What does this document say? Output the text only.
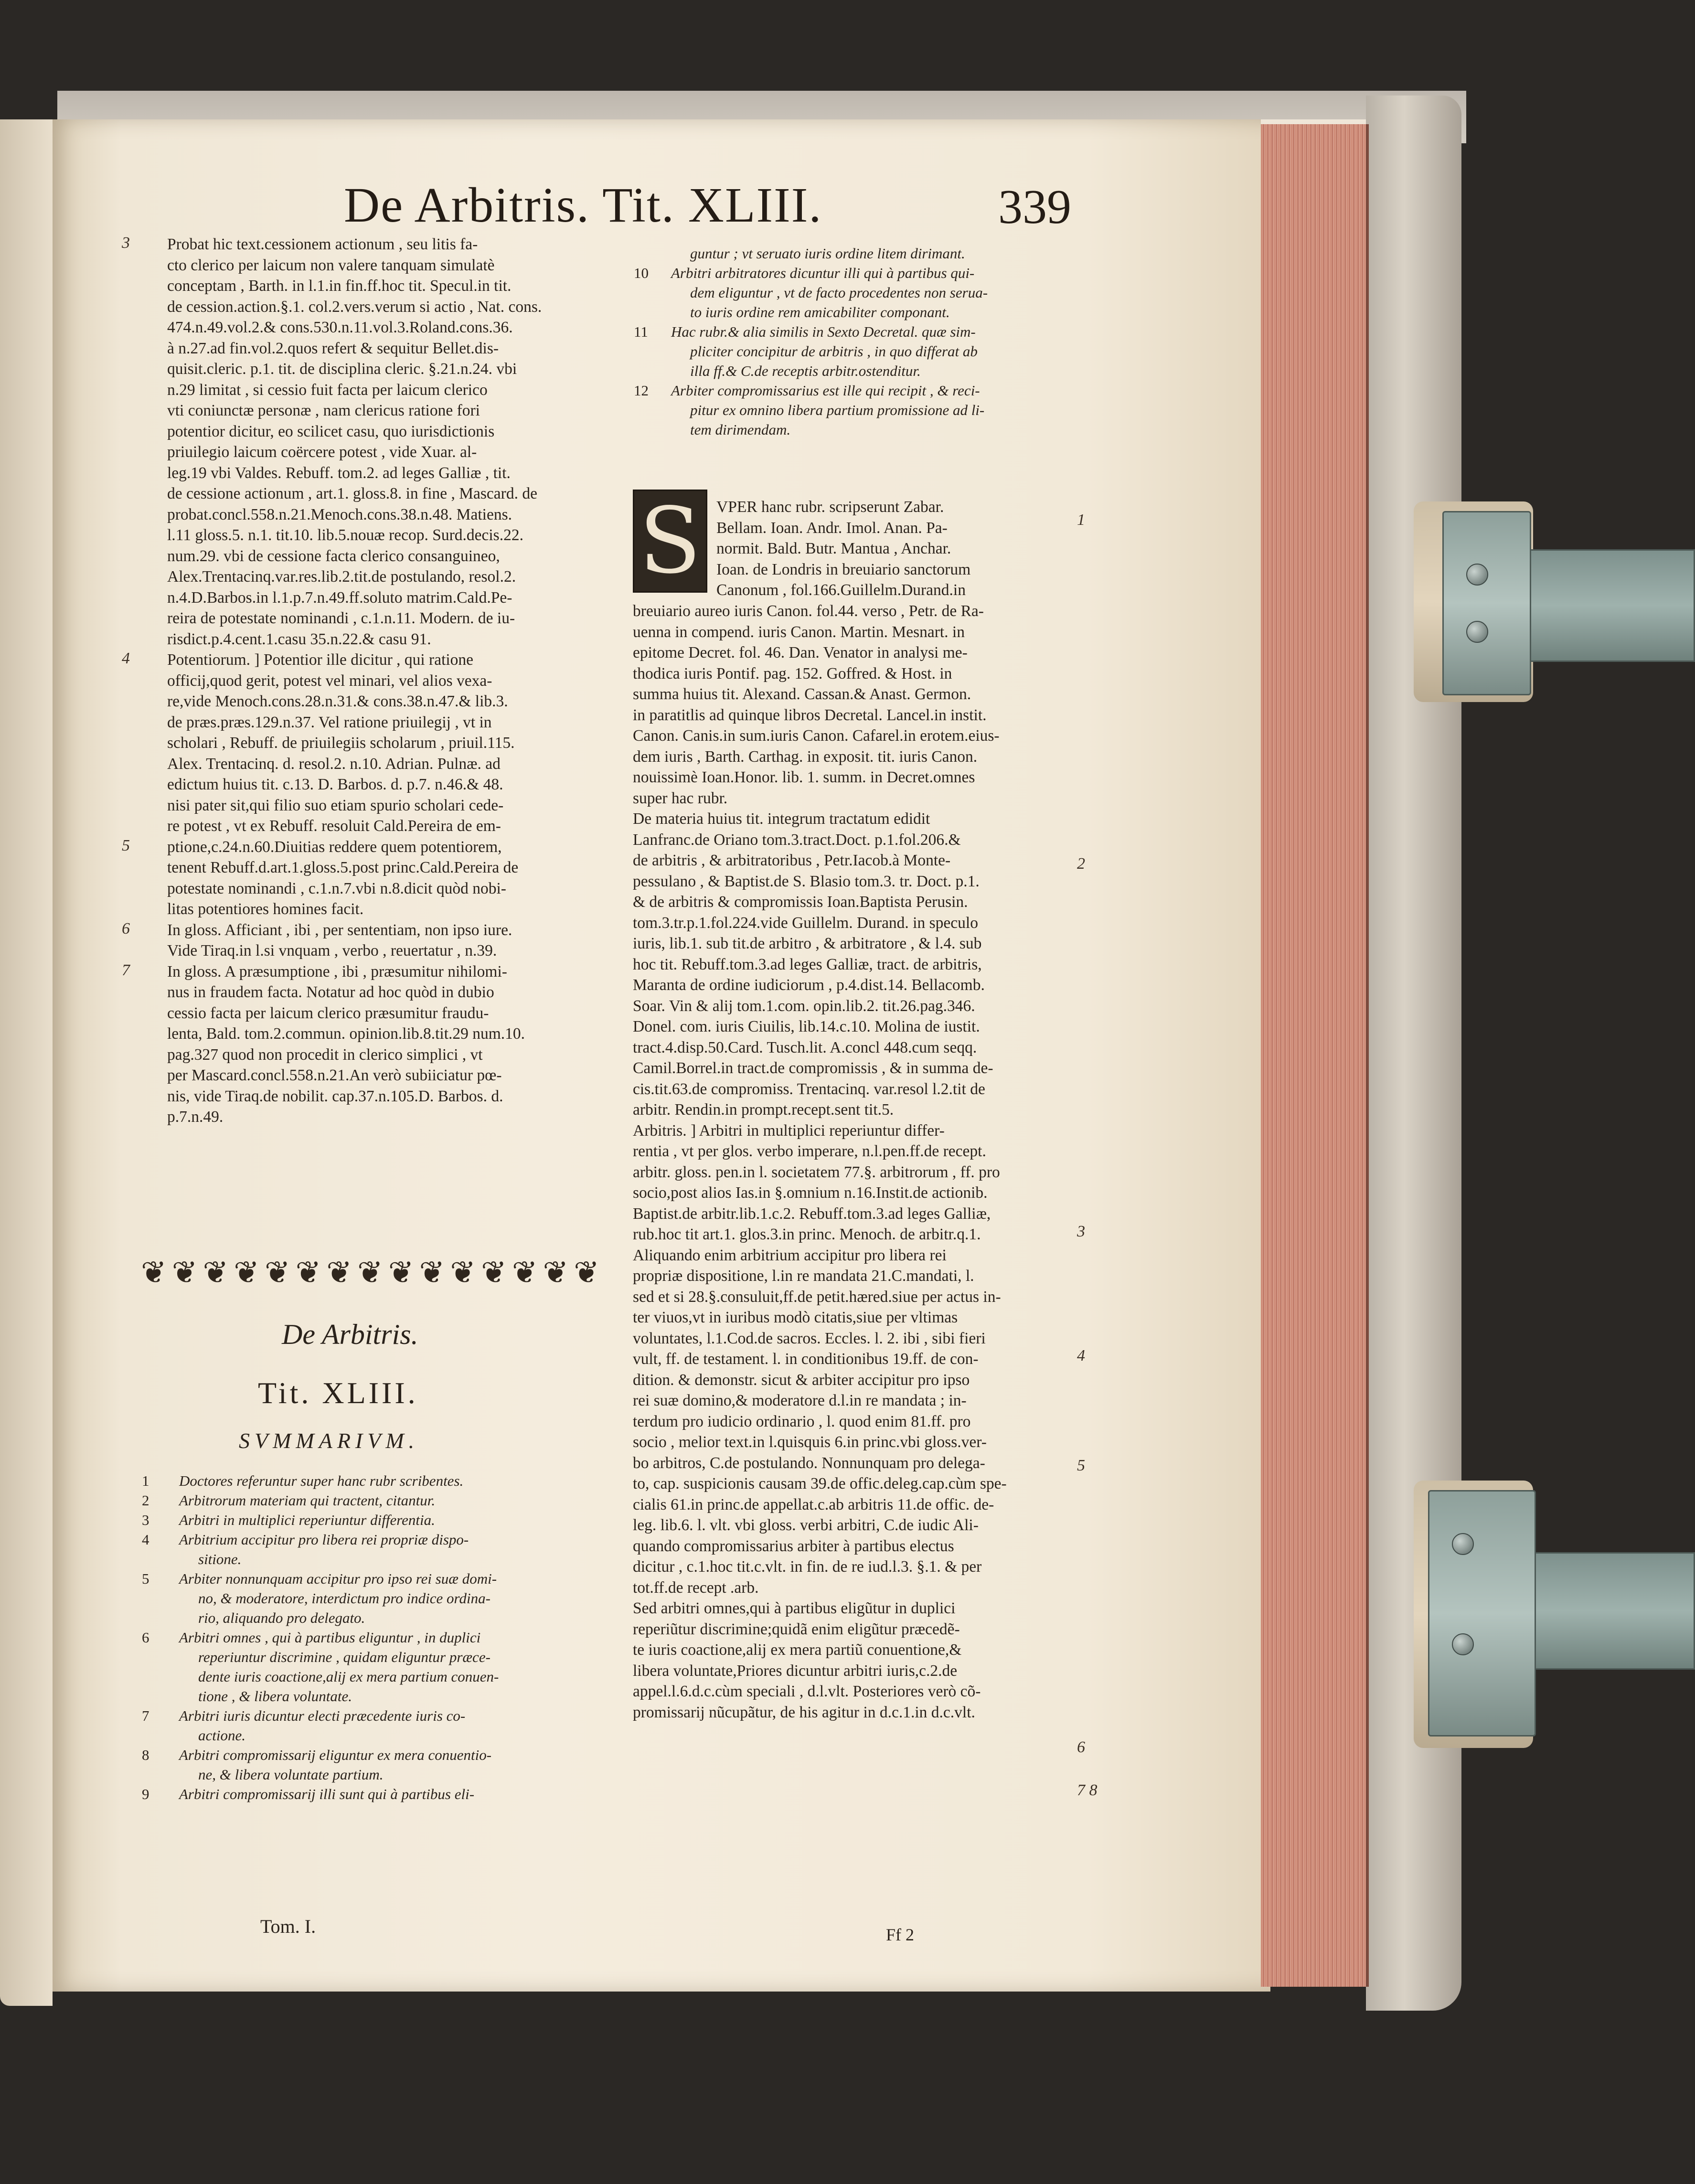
De Arbitris. Tit. XLIII.	339
Probat hic text.cessionem actionum , seu litis fa-
cto clerico per laicum non valere tanquam simulatè
conceptam , Barth. in l.1.in fin.ff.hoc tit. Specul.in tit.
de cession.action.§.1. col.2.vers.verum si actio , Nat. cons.
474.n.49.vol.2.& cons.530.n.11.vol.3.Roland.cons.36.
à n.27.ad fin.vol.2.quos refert & sequitur Bellet.dis-
quisit.cleric. p.1. tit. de disciplina cleric. §.21.n.24. vbi
n.29 limitat , si cessio fuit facta per laicum clerico
vti coniunctæ personæ , nam clericus ratione fori
potentior dicitur, eo scilicet casu, quo iurisdictionis
priuilegio laicum coërcere potest , vide Xuar. al-
leg.19 vbi Valdes. Rebuff. tom.2. ad leges Galliæ , tit.
de cessione actionum , art.1. gloss.8. in fine , Mascard. de
probat.concl.558.n.21.Menoch.cons.38.n.48. Matiens.
l.11 gloss.5. n.1. tit.10. lib.5.nouæ recop. Surd.decis.22.
num.29. vbi de cessione facta clerico consanguineo,
Alex.Trentacinq.var.res.lib.2.tit.de postulando, resol.2.
n.4.D.Barbos.in l.1.p.7.n.49.ff.soluto matrim.Cald.Pe-
reira de potestate nominandi , c.1.n.11. Modern. de iu-
risdict.p.4.cent.1.casu 35.n.22.& casu 91.
Potentiorum. ] Potentior ille dicitur , qui ratione
officij,quod gerit, potest vel minari, vel alios vexa-
re,vide Menoch.cons.28.n.31.& cons.38.n.47.& lib.3.
de præs.præs.129.n.37. Vel ratione priuilegij , vt in
scholari , Rebuff. de priuilegiis scholarum , priuil.115.
Alex. Trentacinq. d. resol.2. n.10. Adrian. Pulnæ. ad
edictum huius tit. c.13. D. Barbos. d. p.7. n.46.& 48.
nisi pater sit,qui filio suo etiam spurio scholari cede-
re potest , vt ex Rebuff. resoluit Cald.Pereira de em-
ptione,c.24.n.60.Diuitias reddere quem potentiorem,
tenent Rebuff.d.art.1.gloss.5.post princ.Cald.Pereira de
potestate nominandi , c.1.n.7.vbi n.8.dicit quòd nobi-
litas potentiores homines facit.
In gloss. Afficiant , ibi , per sententiam, non ipso iure.
Vide Tiraq.in l.si vnquam , verbo , reuertatur , n.39.
In gloss. A præsumptione , ibi , præsumitur nihilomi-
nus in fraudem facta. Notatur ad hoc quòd in dubio
cessio facta per laicum clerico præsumitur fraudu-
lenta, Bald. tom.2.commun. opinion.lib.8.tit.29 num.10.
pag.327 quod non procedit in clerico simplici , vt
per Mascard.concl.558.n.21.An verò subiiciatur pœ-
nis, vide Tiraq.de nobilit. cap.37.n.105.D. Barbos. d.
p.7.n.49.
3
4
5
6
7
❦ ❦ ❦ ❦ ❦ ❦ ❦ ❦ ❦ ❦ ❦ ❦ ❦ ❦ ❦
De Arbitris.
Tit. XLIII.
SVMMARIVM.
1 Doctores referuntur super hanc rubr scribentes.
2 Arbitrorum materiam qui tractent, citantur.
3 Arbitri in multiplici reperiuntur differentia.
4 Arbitrium accipitur pro libera rei propriæ dispo-
sitione.
5 Arbiter nonnunquam accipitur pro ipso rei suæ domi-
no, & moderatore, interdictum pro indice ordina-
rio, aliquando pro delegato.
6 Arbitri omnes , qui à partibus eliguntur , in duplici
reperiuntur discrimine , quidam eliguntur præce-
dente iuris coactione,alij ex mera partium conuen-
tione , & libera voluntate.
7 Arbitri iuris dicuntur electi præcedente iuris co-
actione.
8 Arbitri compromissarij eliguntur ex mera conuentio-
ne, & libera voluntate partium.
9 Arbitri compromissarij illi sunt qui à partibus eli-
Tom. I.
guntur ; vt seruato iuris ordine litem dirimant.
10 Arbitri arbitratores dicuntur illi qui à partibus qui-
dem eliguntur , vt de facto procedentes non serua-
to iuris ordine rem amicabiliter componant.
11 Hac rubr.& alia similis in Sexto Decretal. quæ sim-
pliciter concipitur de arbitris , in quo differat ab
illa ff.& C.de receptis arbitr.ostenditur.
12 Arbiter compromissarius est ille qui recipit , & reci-
pitur ex omnino libera partium promissione ad li-
tem dirimendam.
S VPER hanc rubr. scripserunt Zabar.
Bellam. Ioan. Andr. Imol. Anan. Pa-
normit. Bald. Butr. Mantua , Anchar.
Ioan. de Londris in breuiario sanctorum
Canonum , fol.166.Guillelm.Durand.in
breuiario aureo iuris Canon. fol.44. verso , Petr. de Ra-
uenna in compend. iuris Canon. Martin. Mesnart. in
epitome Decret. fol. 46. Dan. Venator in analysi me-
thodica iuris Pontif. pag. 152. Goffred. & Host. in
summa huius tit. Alexand. Cassan.& Anast. Germon.
in paratitlis ad quinque libros Decretal. Lancel.in instit.
Canon. Canis.in sum.iuris Canon. Cafarel.in erotem.eius-
dem iuris , Barth. Carthag. in exposit. tit. iuris Canon.
nouissimè Ioan.Honor. lib. 1. summ. in Decret.omnes
super hac rubr.
De materia huius tit. integrum tractatum edidit
Lanfranc.de Oriano tom.3.tract.Doct. p.1.fol.206.&
de arbitris , & arbitratoribus , Petr.Iacob.à Monte-
pessulano , & Baptist.de S. Blasio tom.3. tr. Doct. p.1.
& de arbitris & compromissis Ioan.Baptista Perusin.
tom.3.tr.p.1.fol.224.vide Guillelm. Durand. in speculo
iuris, lib.1. sub tit.de arbitro , & arbitratore , & l.4. sub
hoc tit. Rebuff.tom.3.ad leges Galliæ, tract. de arbitris,
Maranta de ordine iudiciorum , p.4.dist.14. Bellacomb.
Soar. Vin & alij tom.1.com. opin.lib.2. tit.26.pag.346.
Donel. com. iuris Ciuilis, lib.14.c.10. Molina de iustit.
tract.4.disp.50.Card. Tusch.lit. A.concl 448.cum seqq.
Camil.Borrel.in tract.de compromissis , & in summa de-
cis.tit.63.de compromiss. Trentacinq. var.resol l.2.tit de
arbitr. Rendin.in prompt.recept.sent tit.5.
Arbitris. ] Arbitri in multiplici reperiuntur differ-
rentia , vt per glos. verbo imperare, n.l.pen.ff.de recept.
arbitr. gloss. pen.in l. societatem 77.§. arbitrorum , ff. pro
socio,post alios Ias.in §.omnium n.16.Instit.de actionib.
Baptist.de arbitr.lib.1.c.2. Rebuff.tom.3.ad leges Galliæ,
rub.hoc tit art.1. glos.3.in princ. Menoch. de arbitr.q.1.
Aliquando enim arbitrium accipitur pro libera rei
propriæ dispositione, l.in re mandata 21.C.mandati, l.
sed et si 28.§.consuluit,ff.de petit.hæred.siue per actus in-
ter viuos,vt in iuribus modò citatis,siue per vltimas
voluntates, l.1.Cod.de sacros. Eccles. l. 2. ibi , sibi fieri
vult, ff. de testament. l. in conditionibus 19.ff. de con-
dition. & demonstr. sicut & arbiter accipitur pro ipso
rei suæ domino,& moderatore d.l.in re mandata ; in-
terdum pro iudicio ordinario , l. quod enim 81.ff. pro
socio , melior text.in l.quisquis 6.in princ.vbi gloss.ver-
bo arbitros, C.de postulando. Nonnunquam pro delega-
to, cap. suspicionis causam 39.de offic.deleg.cap.cùm spe-
cialis 61.in princ.de appellat.c.ab arbitris 11.de offic. de-
leg. lib.6. l. vlt. vbi gloss. verbi arbitri, C.de iudic Ali-
quando compromissarius arbiter à partibus electus
dicitur , c.1.hoc tit.c.vlt. in fin. de re iud.l.3. §.1. & per
tot.ff.de recept .arb.
Sed arbitri omnes,qui à partibus eligũtur in duplici
reperiũtur discrimine;quidã enim eligũtur præcedẽ-
te iuris coactione,alij ex mera partiũ conuentione,&
libera voluntate,Priores dicuntur arbitri iuris,c.2.de
appel.l.6.d.c.cùm speciali , d.l.vlt. Posteriores verò cõ-
promissarij nũcupãtur, de his agitur in d.c.1.in d.c.vlt.
1
2
3
4
5
6
7 8
Ff 2
